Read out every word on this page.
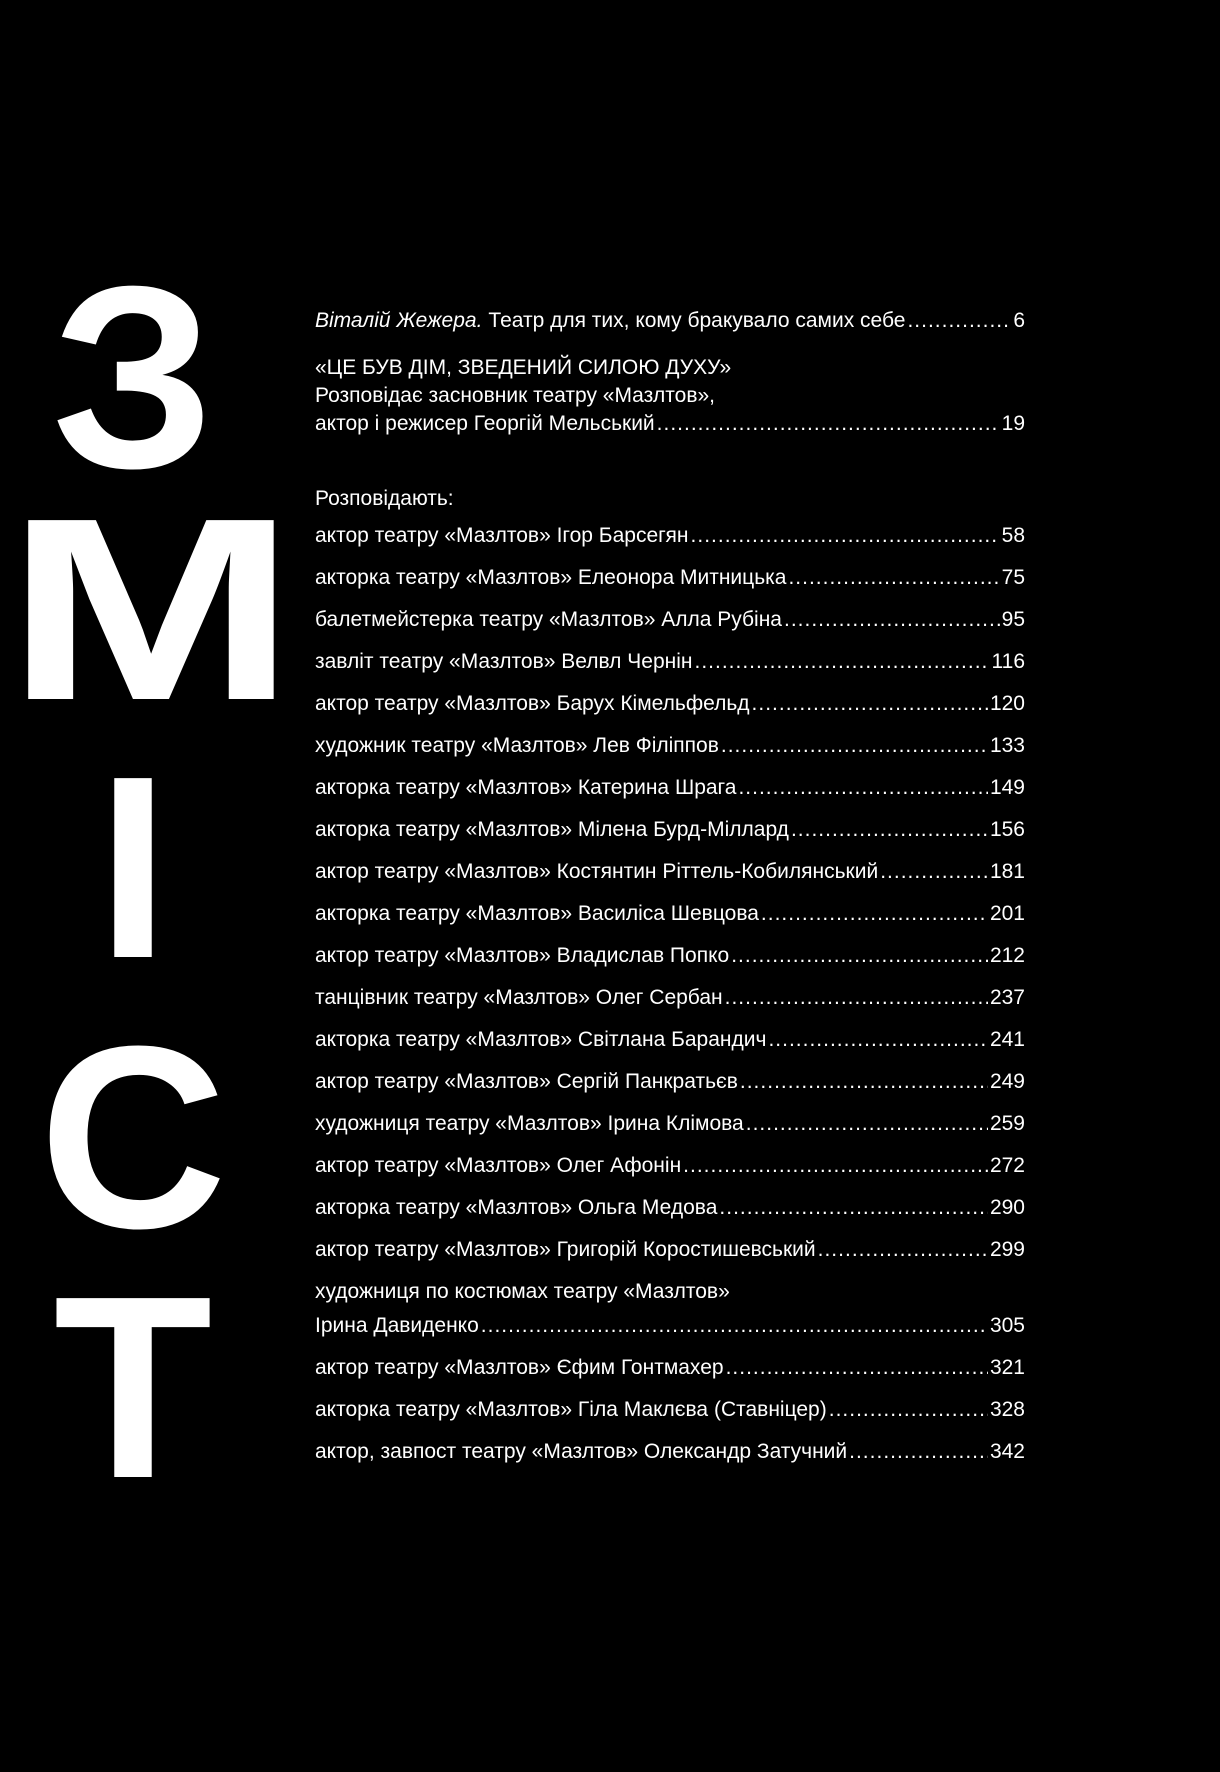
З
М
І
С
Т
Віталій Жежера. Театр для тих, кому бракувало самих себе .....	6
«ЦЕ БУВ ДІМ, ЗВЕДЕНИЙ СИЛОЮ ДУХУ»
Розповідає засновник театру «Мазлтов»,
актор і режисер Георгій Мельський .....	19
Розповідають:
актор театру «Мазлтов» Ігор Барсегян .....	58
акторка театру «Мазлтов» Елеонора Митницька .....	75
балетмейстерка театру «Мазлтов» Алла Рубіна .....	95
завліт театру «Мазлтов» Велвл Чернін .....	116
актор театру «Мазлтов» Барух Кімельфельд .....	120
художник театру «Мазлтов» Лев Філіппов .....	133
акторка театру «Мазлтов» Катерина Шрага .....	149
акторка театру «Мазлтов» Мілена Бурд-Міллард .....	156
актор театру «Мазлтов» Костянтин Ріттель-Кобилянський .....	181
акторка театру «Мазлтов» Василіса Шевцова .....	201
актор театру «Мазлтов» Владислав Попко .....	212
танцівник театру «Мазлтов» Олег Сербан .....	237
акторка театру «Мазлтов» Світлана Барандич .....	241
актор театру «Мазлтов» Сергій Панкратьєв .....	249
художниця театру «Мазлтов» Ірина Клімова .....	259
актор театру «Мазлтов» Олег Афонін .....	272
акторка театру «Мазлтов» Ольга Медова .....	290
актор театру «Мазлтов» Григорій Коростишевський .....	299
художниця по костюмах театру «Мазлтов»
Ірина Давиденко .....	305
актор театру «Мазлтов» Єфим Гонтмахер .....	321
акторка театру «Мазлтов» Гіла Маклєва (Ставніцер) .....	328
актор, завпост театру «Мазлтов» Олександр Затучний .....	342
